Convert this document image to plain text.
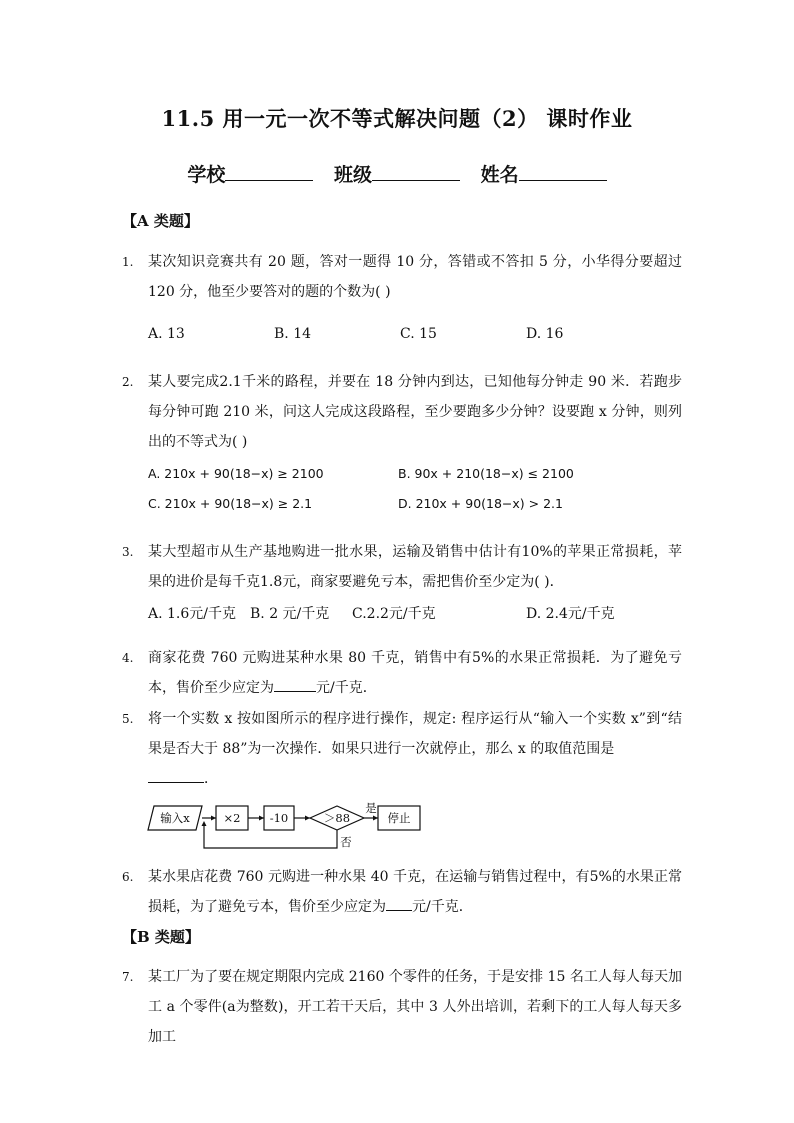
11.5 用一元一次不等式解决问题（2） 课时作业
学校	班级	姓名
【A 类题】
1. 某次知识竞赛共有 20 题，答对一题得 10 分，答错或不答扣 5 分，小华得分要超过 120 分，他至少要答对的题的个数为( )
A. 13	B. 14	C. 15	D. 16
2. 某人要完成2.1千米的路程，并要在 18 分钟内到达，已知他每分钟走 90 米．若跑步每分钟可跑 210 米，问这人完成这段路程，至少要跑多少分钟？设要跑 x 分钟，则列出的不等式为( )
A. 210x + 90(18−x) ≥ 2100	B. 90x + 210(18−x) ≤ 2100
C. 210x + 90(18−x) ≥ 2.1	D. 210x + 90(18−x) > 2.1
3. 某大型超市从生产基地购进一批水果，运输及销售中估计有10%的苹果正常损耗，苹果的进价是每千克1.8元，商家要避免亏本，需把售价至少定为( )．
A. 1.6元/千克 B. 2 元/千克 C.2.2元/千克	D. 2.4元/千克
4. 商家花费 760 元购进某种水果 80 千克，销售中有5%的水果正常损耗．为了避免亏本，售价至少应定为	元/千克．
5. 将一个实数 x 按如图所示的程序进行操作，规定: 程序运行从“输入一个实数 x”到“结果是否大于 88”为一次操作．如果只进行一次就停止，那么 x 的取值范围是
．
输入x	×2	-10	＞88
是
否
停止
6. 某水果店花费 760 元购进一种水果 40 千克，在运输与销售过程中，有5%的水果正常损耗，为了避免亏本，售价至少应定为 元/千克．
【B 类题】
7. 某工厂为了要在规定期限内完成 2160 个零件的任务，于是安排 15 名工人每人每天加工 a 个零件(a为整数)，开工若干天后，其中 3 人外出培训，若剩下的工人每人每天多加工
